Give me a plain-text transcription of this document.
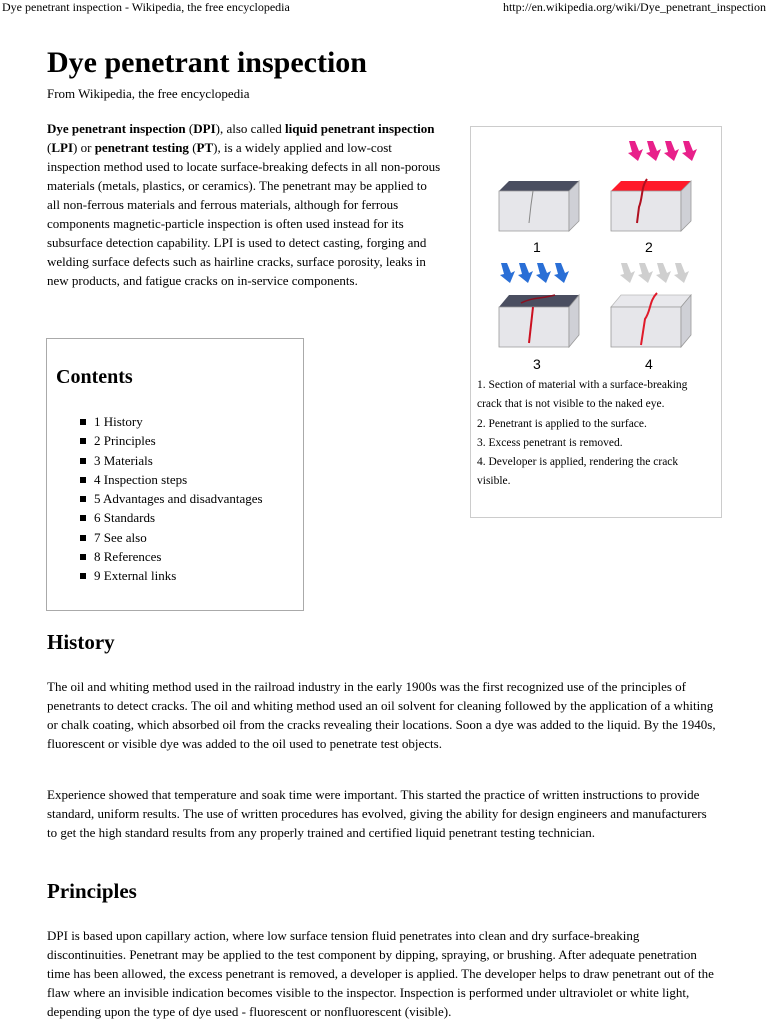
Dye penetrant inspection - Wikipedia, the free encyclopedia	http://en.wikipedia.org/wiki/Dye_penetrant_inspection
Dye penetrant inspection
From Wikipedia, the free encyclopedia

Dye penetrant inspection (DPI), also called liquid penetrant inspection (LPI) or penetrant testing (PT), is a widely applied and low-cost inspection method used to locate surface-breaking defects in all non-porous materials (metals, plastics, or ceramics). The penetrant may be applied to all non-ferrous materials and ferrous materials, although for ferrous components magnetic-particle inspection is often used instead for its subsurface detection capability. LPI is used to detect casting, forging and welding surface defects such as hairline cracks, surface porosity, leaks in new products, and fatigue cracks on in-service components.

1	2
3	4
1. Section of material with a surface-breaking crack that is not visible to the naked eye.
2. Penetrant is applied to the surface.
3. Excess penetrant is removed.
4. Developer is applied, rendering the crack visible.
Contents
1 History
2 Principles
3 Materials
4 Inspection steps
5 Advantages and disadvantages
6 Standards
7 See also
8 References
9 External links
History

The oil and whiting method used in the railroad industry in the early 1900s was the first recognized use of the principles of penetrants to detect cracks. The oil and whiting method used an oil solvent for cleaning followed by the application of a whiting or chalk coating, which absorbed oil from the cracks revealing their locations. Soon a dye was added to the liquid. By the 1940s, fluorescent or visible dye was added to the oil used to penetrate test objects.

Experience showed that temperature and soak time were important. This started the practice of written instructions to provide standard, uniform results. The use of written procedures has evolved, giving the ability for design engineers and manufacturers to get the high standard results from any properly trained and certified liquid penetrant testing technician.

Principles

DPI is based upon capillary action, where low surface tension fluid penetrates into clean and dry surface-breaking discontinuities. Penetrant may be applied to the test component by dipping, spraying, or brushing. After adequate penetration time has been allowed, the excess penetrant is removed, a developer is applied. The developer helps to draw penetrant out of the flaw where an invisible indication becomes visible to the inspector. Inspection is performed under ultraviolet or white light, depending upon the type of dye used - fluorescent or nonfluorescent (visible).
